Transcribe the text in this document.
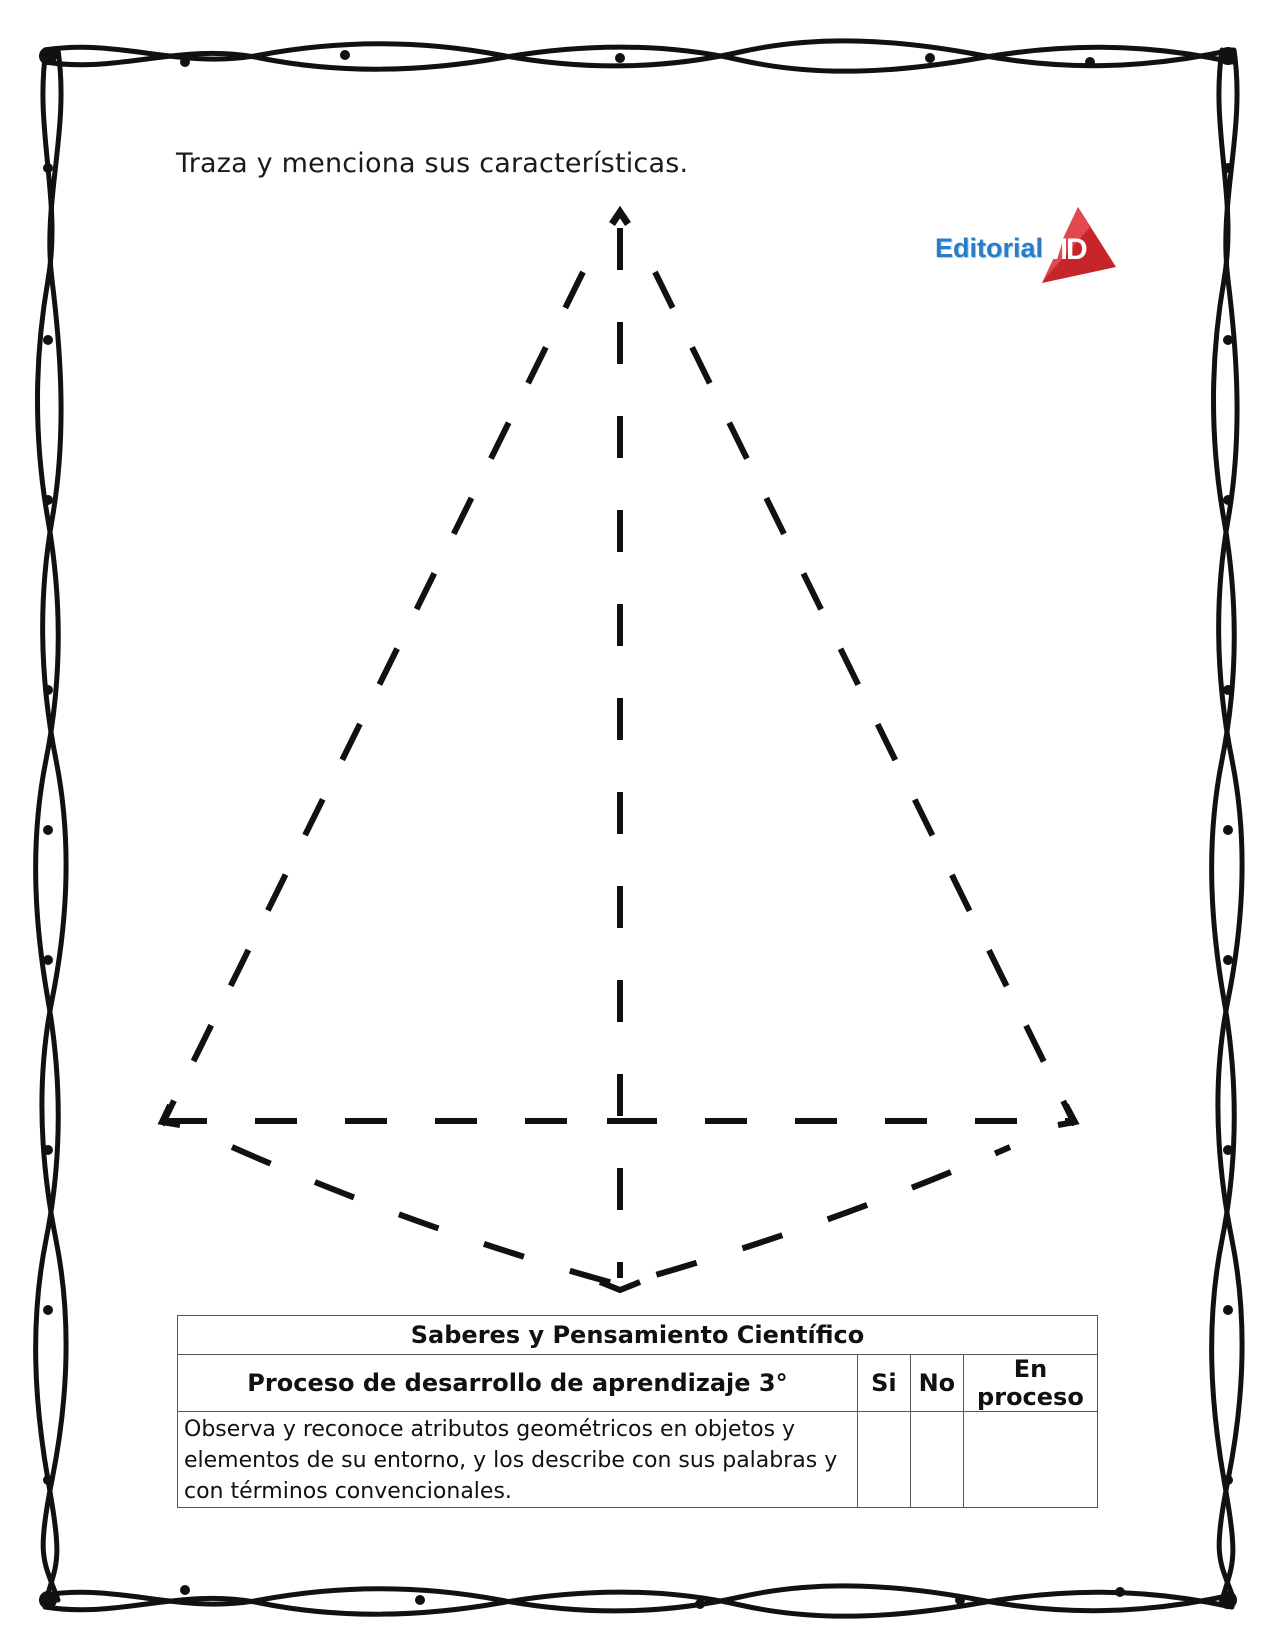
Traza y menciona sus características.
Editorial MD
Saberes y Pensamiento Científico			
Proceso de desarrollo de aprendizaje 3°	Si	No	En proceso
Observa y reconoce atributos geométricos en objetos y elementos de su entorno, y los describe con sus palabras y con términos convencionales.			
